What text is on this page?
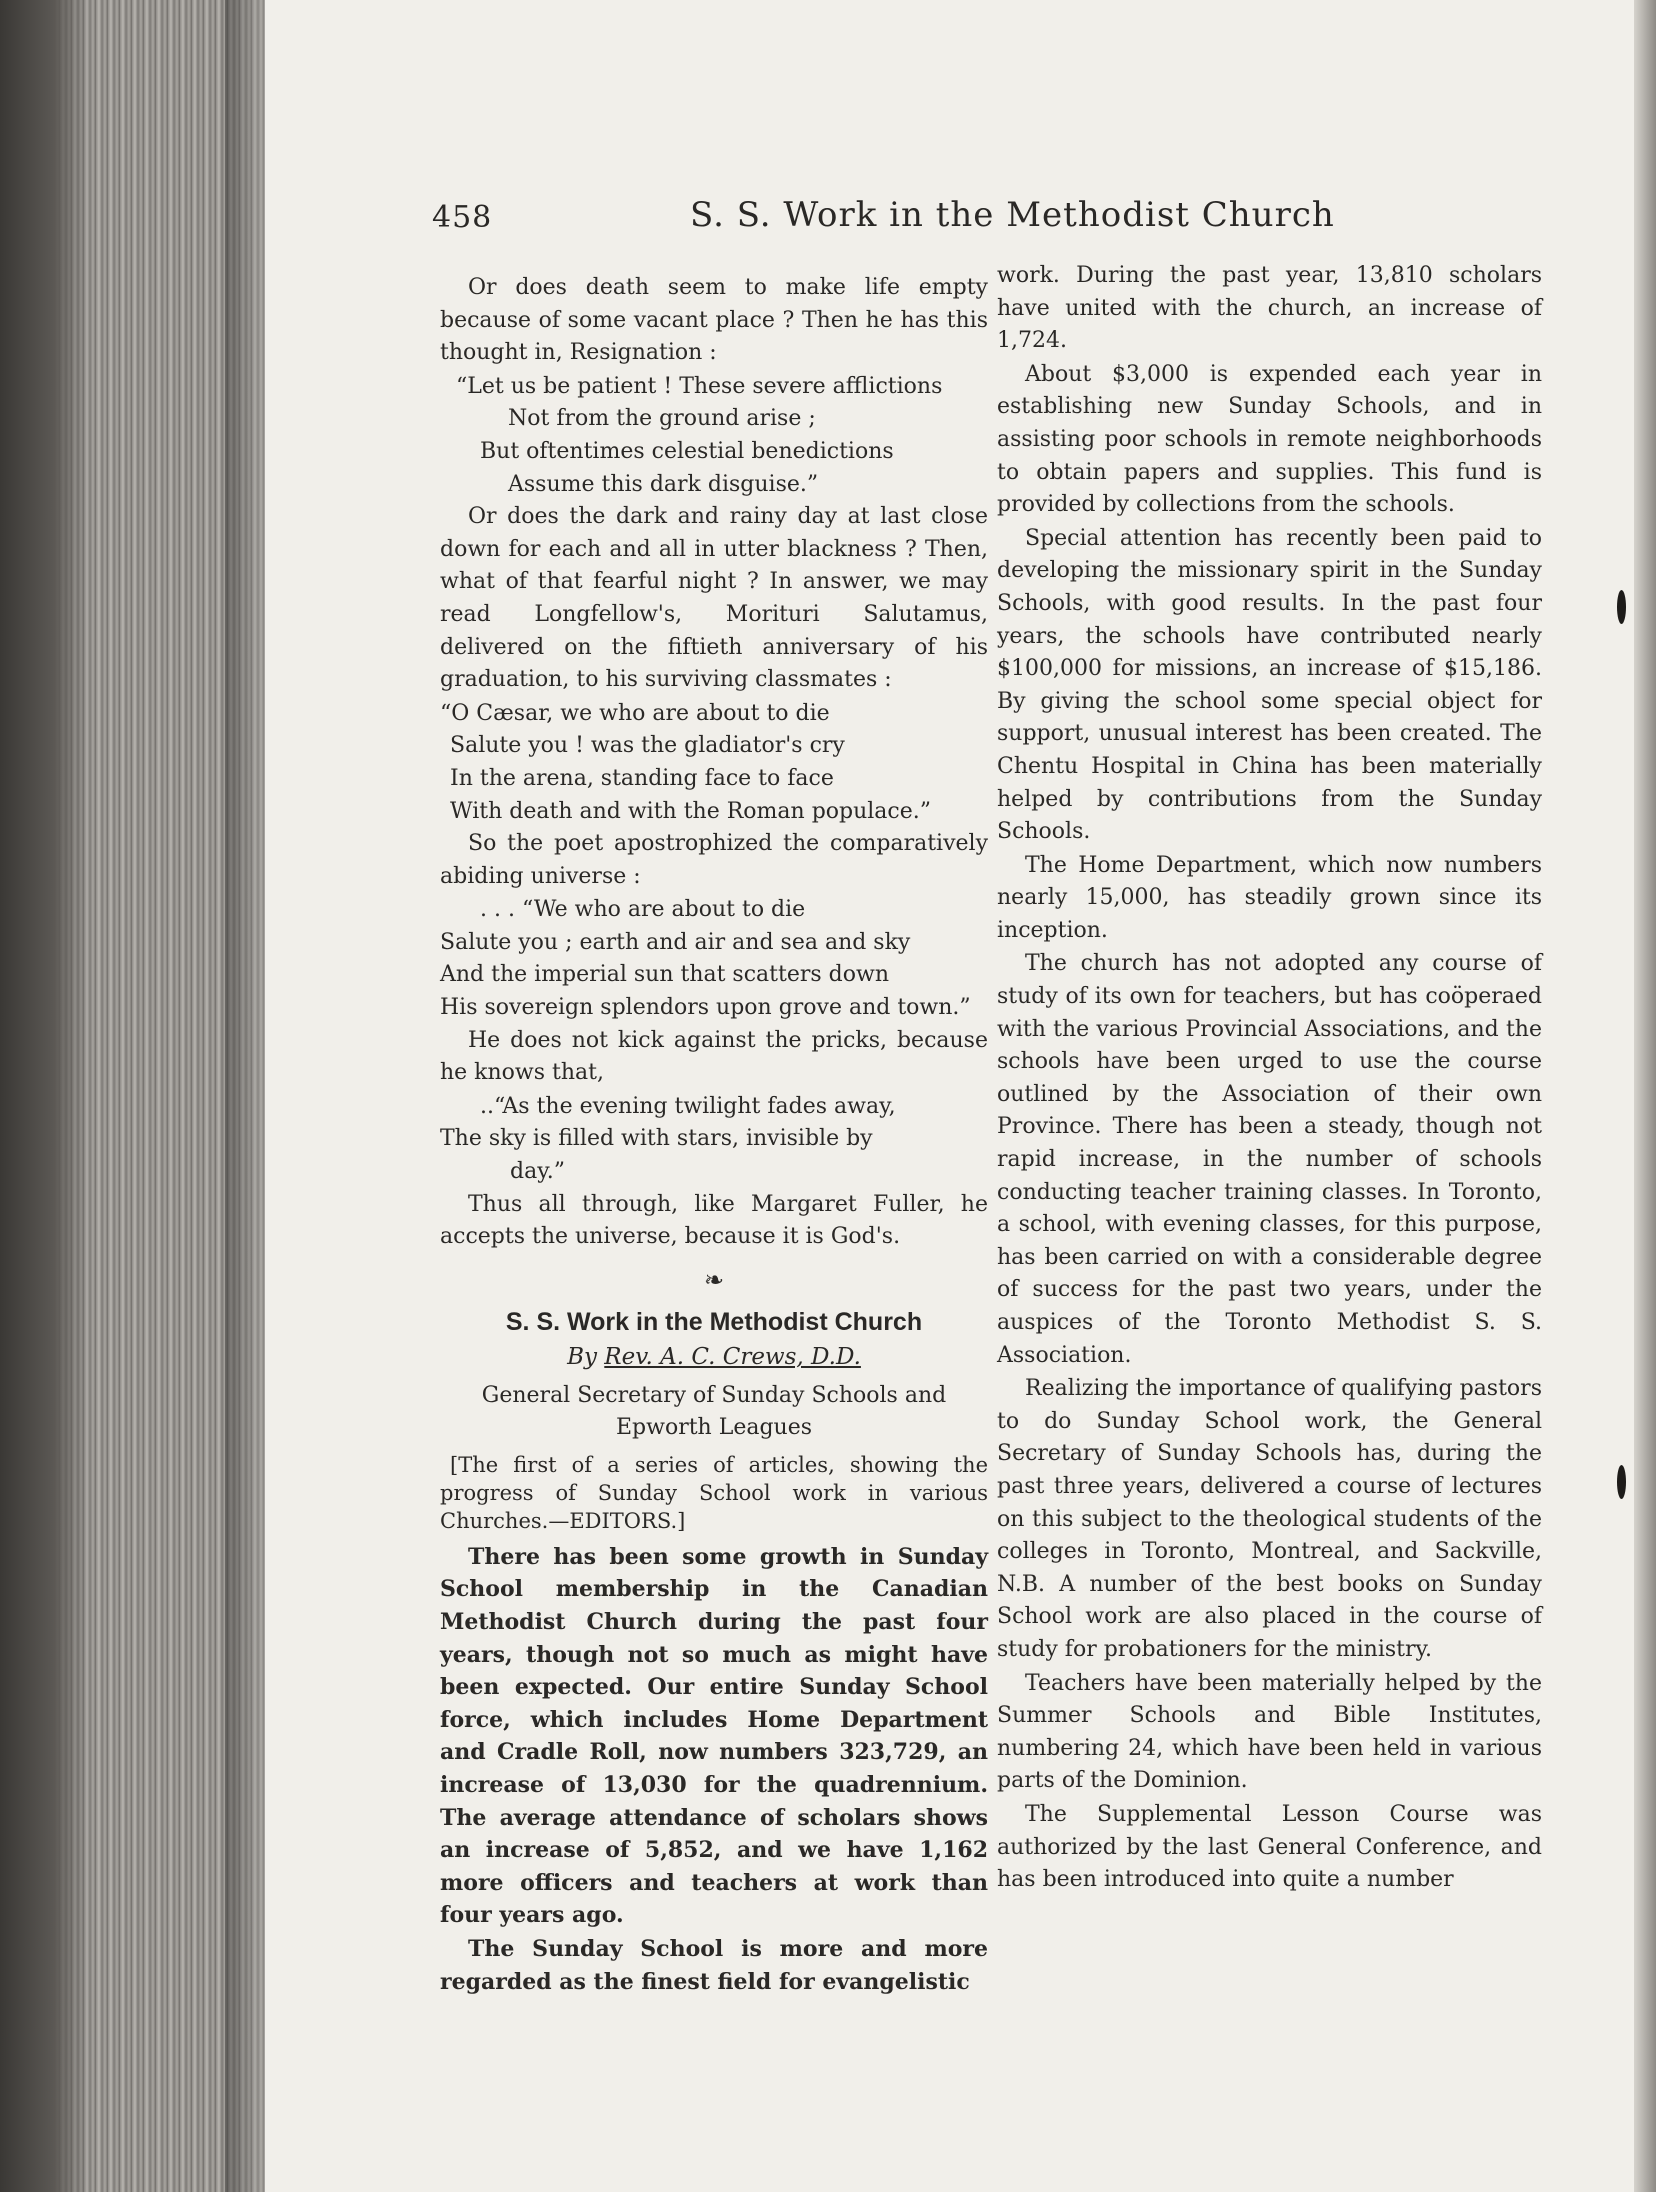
458	S. S. Work in the Methodist Church

Or does death seem to make life empty because of some vacant place ? Then he has this thought in, Resignation :

“Let us be patient ! These severe afflictions

Not from the ground arise ;

But oftentimes celestial benedictions

Assume this dark disguise.”

Or does the dark and rainy day at last close down for each and all in utter blackness ? Then, what of that fearful night ? In answer, we may read Longfellow's, Morituri Salutamus, delivered on the fiftieth anniversary of his graduation, to his surviving classmates :

“O Cæsar, we who are about to die

Salute you ! was the gladiator's cry

In the arena, standing face to face

With death and with the Roman populace.”

So the poet apostrophized the comparatively abiding universe :

. . . “We who are about to die

Salute you ; earth and air and sea and sky

And the imperial sun that scatters down

His sovereign splendors upon grove and town.”

He does not kick against the pricks, because he knows that,

..“As the evening twilight fades away,

The sky is filled with stars, invisible by

day.”

Thus all through, like Margaret Fuller, he accepts the universe, because it is God's.

❧
S. S. Work in the Methodist Church

By Rev. A. C. Crews, D.D.

General Secretary of Sunday Schools and Epworth Leagues

[The first of a series of articles, showing the progress of Sunday School work in various Churches.—EDITORS.]

There has been some growth in Sunday School membership in the Canadian Methodist Church during the past four years, though not so much as might have been expected. Our entire Sunday School force, which includes Home Department and Cradle Roll, now numbers 323,729, an increase of 13,030 for the quadrennium. The average attendance of scholars shows an increase of 5,852, and we have 1,162 more officers and teachers at work than four years ago.

The Sunday School is more and more regarded as the finest field for evangelistic

work. During the past year, 13,810 scholars have united with the church, an increase of 1,724.

About $3,000 is expended each year in establishing new Sunday Schools, and in assisting poor schools in remote neighborhoods to obtain papers and supplies. This fund is provided by collections from the schools.

Special attention has recently been paid to developing the missionary spirit in the Sunday Schools, with good results. In the past four years, the schools have contributed nearly $100,000 for missions, an increase of $15,186. By giving the school some special object for support, unusual interest has been created. The Chentu Hospital in China has been materially helped by contributions from the Sunday Schools.

The Home Department, which now numbers nearly 15,000, has steadily grown since its inception.

The church has not adopted any course of study of its own for teachers, but has coöperaed with the various Provincial Associations, and the schools have been urged to use the course outlined by the Association of their own Province. There has been a steady, though not rapid increase, in the number of schools conducting teacher training classes. In Toronto, a school, with evening classes, for this purpose, has been carried on with a considerable degree of success for the past two years, under the auspices of the Toronto Methodist S. S. Association.

Realizing the importance of qualifying pastors to do Sunday School work, the General Secretary of Sunday Schools has, during the past three years, delivered a course of lectures on this subject to the theological students of the colleges in Toronto, Montreal, and Sackville, N.B. A number of the best books on Sunday School work are also placed in the course of study for probationers for the ministry.

Teachers have been materially helped by the Summer Schools and Bible Institutes, numbering 24, which have been held in various parts of the Dominion.

The Supplemental Lesson Course was authorized by the last General Conference, and has been introduced into quite a number
